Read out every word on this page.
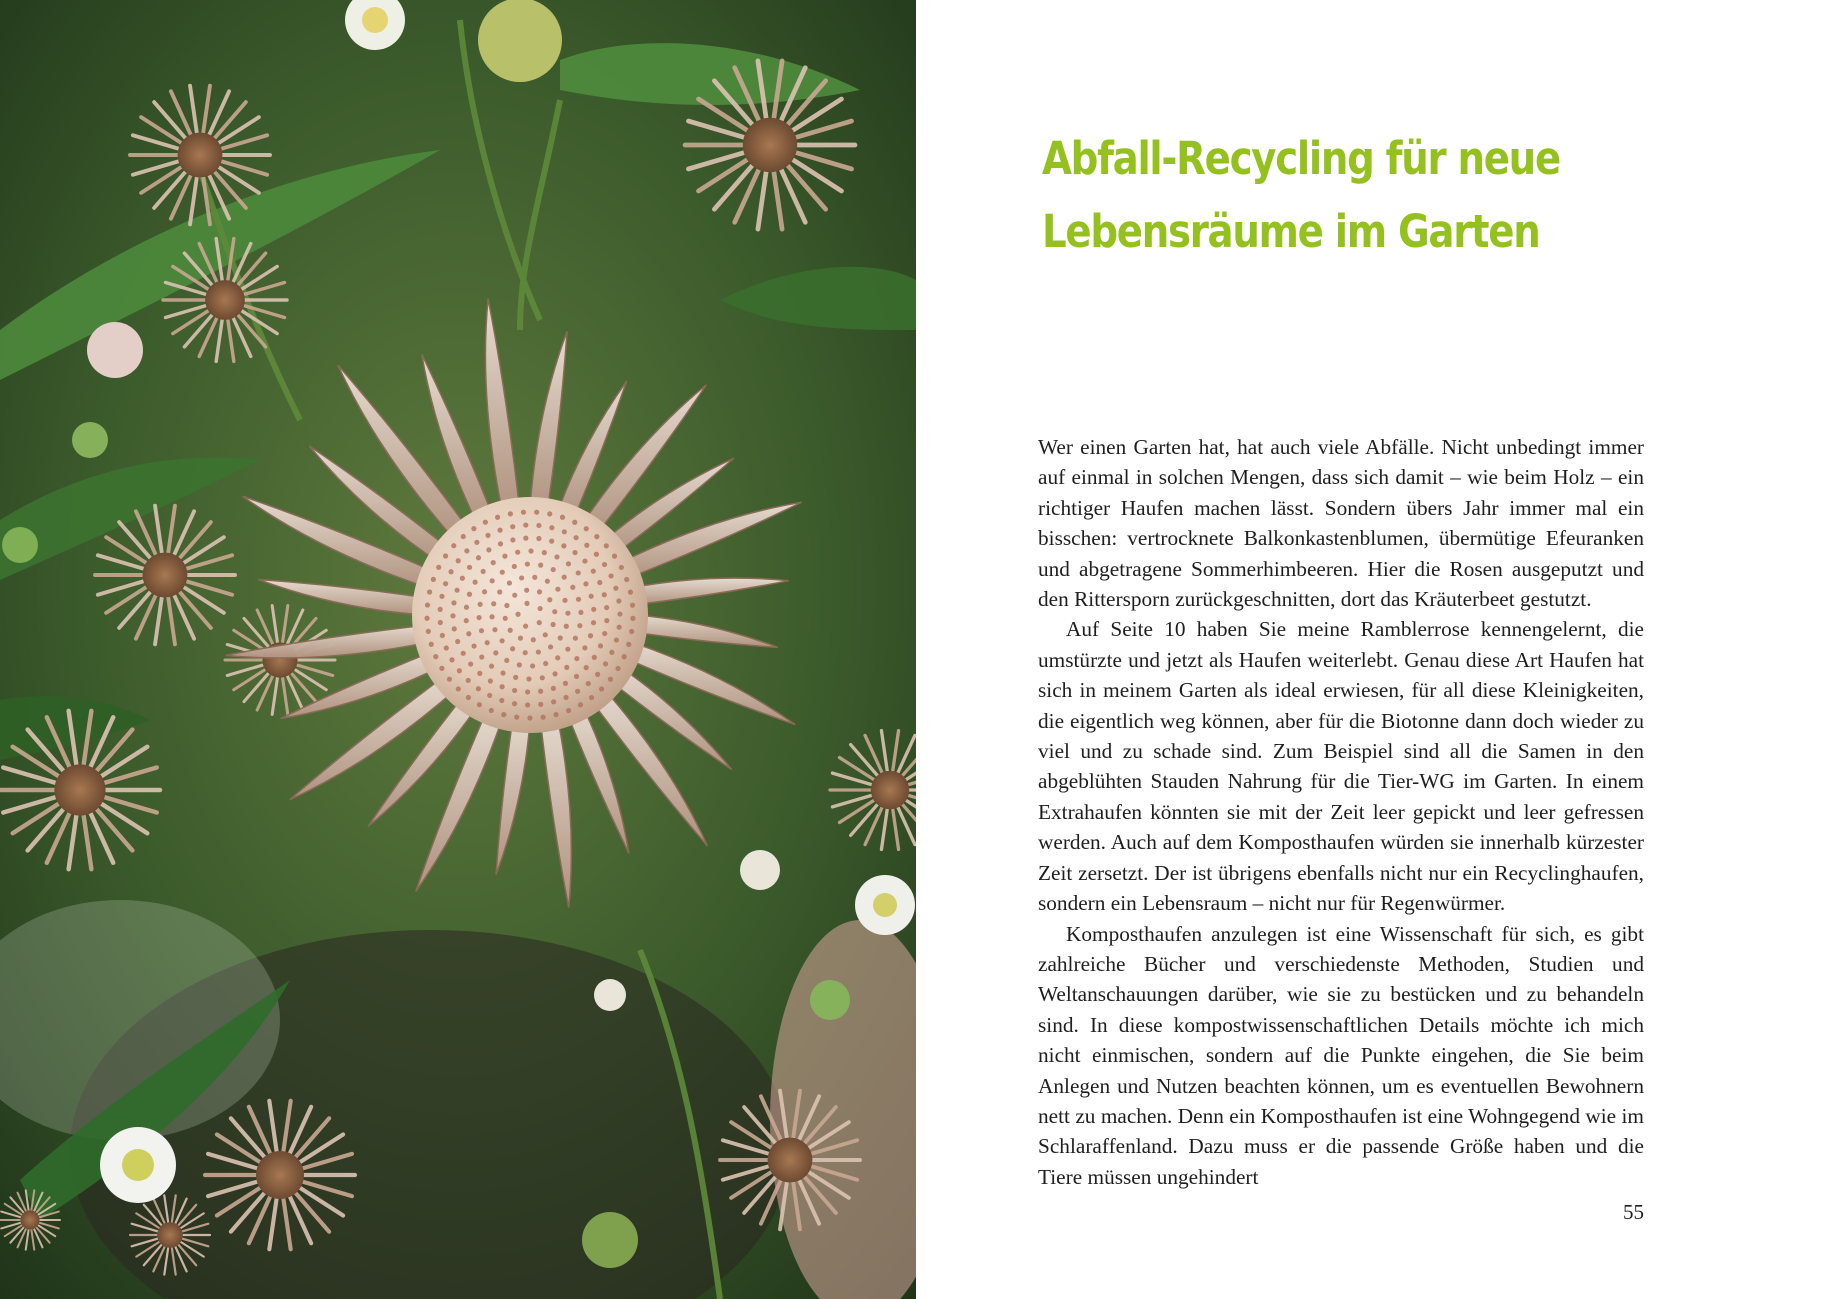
Abfall-Recycling für neue
Lebensräume im Garten

Wer einen Garten hat, hat auch viele Abfälle. Nicht unbedingt immer auf einmal in solchen Mengen, dass sich damit – wie beim Holz – ein richtiger Haufen machen lässt. Sondern übers Jahr immer mal ein bisschen: vertrocknete Balkonkastenblumen, übermütige Efeuranken und abgetragene Sommerhimbeeren. Hier die Rosen ausgeputzt und den Rittersporn zurückgeschnitten, dort das Kräuterbeet gestutzt.

Auf Seite 10 haben Sie meine Ramblerrose kennengelernt, die umstürzte und jetzt als Haufen weiterlebt. Genau diese Art Haufen hat sich in meinem Garten als ideal erwiesen, für all diese Kleinigkeiten, die eigentlich weg können, aber für die Biotonne dann doch wieder zu viel und zu schade sind. Zum Beispiel sind all die Samen in den abgeblühten Stauden Nahrung für die Tier-WG im Garten. In einem Extrahaufen könnten sie mit der Zeit leer gepickt und leer gefressen werden. Auch auf dem Komposthaufen würden sie innerhalb kürzester Zeit zersetzt. Der ist übrigens ebenfalls nicht nur ein Recyclinghaufen, sondern ein Lebensraum – nicht nur für Regenwürmer.

Komposthaufen anzulegen ist eine Wissenschaft für sich, es gibt zahlreiche Bücher und verschiedenste Methoden, Studien und Weltanschauungen darüber, wie sie zu bestücken und zu behandeln sind. In diese kompostwissenschaftlichen Details möchte ich mich nicht einmischen, sondern auf die Punkte eingehen, die Sie beim Anlegen und Nutzen beachten können, um es eventuellen Bewohnern nett zu machen. Denn ein Komposthaufen ist eine Wohngegend wie im Schlaraffenland. Dazu muss er die passende Größe haben und die Tiere müssen ungehindert

55
